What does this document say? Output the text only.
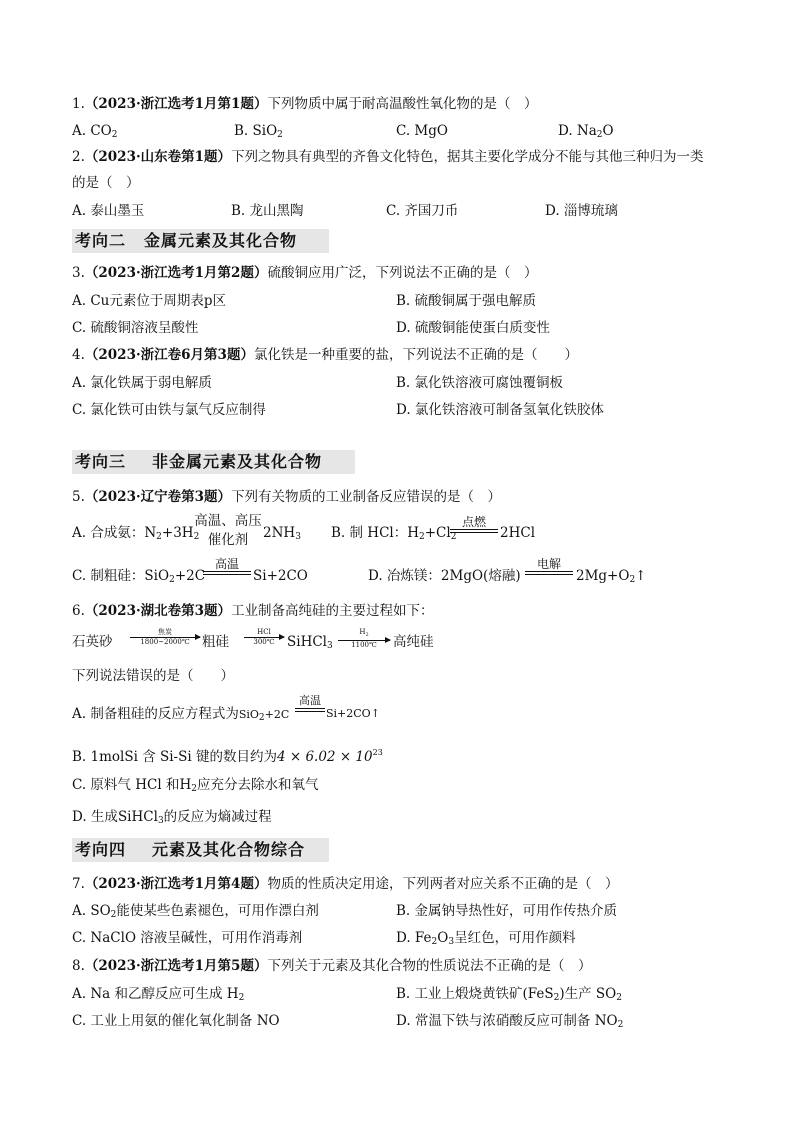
1.（2023·浙江选考1月第1题）下列物质中属于耐高温酸性氧化物的是（　）
A. $CO_2$	B. SiO$_2$	C. MgO	D. $Na_2O$
2.（2023·山东卷第1题）下列之物具有典型的齐鲁文化特色，据其主要化学成分不能与其他三种归为一类
的是（　）
A. 泰山墨玉	B. 龙山黑陶	C. 齐国刀币	D. 淄博琉璃
考向二 金属元素及其化合物
3.（2023·浙江选考1月第2题）硫酸铜应用广泛，下列说法不正确的是（　）
A. Cu元素位于周期表p区	B. 硫酸铜属于强电解质
C. 硫酸铜溶液呈酸性	D. 硫酸铜能使蛋白质变性
4.（2023·浙江卷6月第3题）氯化铁是一种重要的盐，下列说法不正确的是（　　）
A. 氯化铁属于弱电解质	B. 氯化铁溶液可腐蚀覆铜板
C. 氯化铁可由铁与氯气反应制得	D. 氯化铁溶液可制备氢氧化铁胶体
考向三 非金属元素及其化合物
5.（2023·辽宁卷第3题）下列有关物质的工业制备反应错误的是（　）
A. 合成氨：$N_2+3H_2$
高温、高压
催化剂	$2NH_3$ B. 制 HCl：$H_2+Cl_2$
点燃
2HCl
C. 制粗硅：SiO$_2$+2C
高温
Si+2CO	D. 冶炼镁：2MgO(熔融)
电解
$2Mg+O_2↑$
6.（2023·湖北卷第3题）工业制备高纯硅的主要过程如下：
石英砂
焦炭
1800~2000℃ 粗硅
HCl
300℃ SiHCl$_3$
$H_2$
1100℃	高纯硅
下列说法错误的是（　　）
A. 制备粗硅的反应方程式为SiO$_2$+2C
高温
Si+2CO↑
B. 1molSi 含 Si-Si 键的数目约为$4 \times 6.02 \times 10^{23}$
C. 原料气 HCl 和$H_2$应充分去除水和氧气
D. 生成SiHCl$_3$的反应为熵减过程
考向四 元素及其化合物综合
7.（2023·浙江选考1月第4题）物质的性质决定用途，下列两者对应关系不正确的是（　）
A. $SO_2$能使某些色素褪色，可用作漂白剂	B. 金属钠导热性好，可用作传热介质
C. NaClO 溶液呈碱性，可用作消毒剂	D. $Fe_2O_3$呈红色，可用作颜料
8.（2023·浙江选考1月第5题）下列关于元素及其化合物的性质说法不正确的是（　）
A. Na 和乙醇反应可生成 $H_2$	B. 工业上煅烧黄铁矿(FeS$_2$)生产 $SO_2$
C. 工业上用氨的催化氧化制备 NO	D. 常温下铁与浓硝酸反应可制备 $NO_2$
